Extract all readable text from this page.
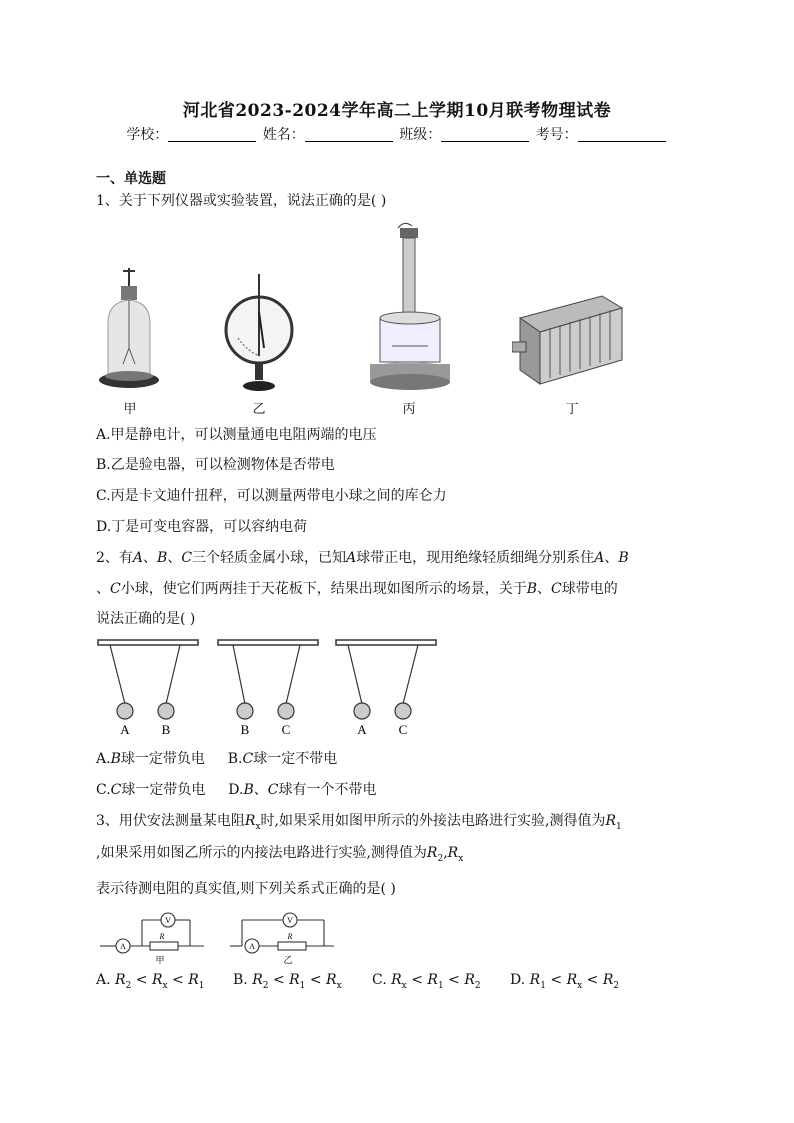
河北省2023-2024学年高二上学期10月联考物理试卷
学校：	姓名：	班级：	考号：
一、单选题
1、关于下列仪器或实验装置，说法正确的是( )
甲	乙	丙	丁
A.甲是静电计，可以测量通电电阻两端的电压
B.乙是验电器，可以检测物体是否带电
C.丙是卡文迪什扭秤，可以测量两带电小球之间的库仑力
D.丁是可变电容器，可以容纳电荷
2、有A、B、C三个轻质金属小球，已知A球带正电，现用绝缘轻质细绳分别系住A、B
、C小球，使它们两两挂于天花板下，结果出现如图所示的场景，关于B、C球带电的
说法正确的是( )
A B	B C	A C
A.B球一定带负电 B.C球一定不带电
C.C球一定带负电 D.B、C球有一个不带电
3、用伏安法测量某电阻$R_x$时,如果采用如图甲所示的外接法电路进行实验,测得值为$R_1$
,如果采用如图乙所示的内接法电路进行实验,测得值为$R_2,R_x$
表示待测电阻的真实值,则下列关系式正确的是( )
A
V
R
甲
A
V
R
乙
A. $R_2 < R_x < R_1$ B. $R_2 < R_1 < R_x$ C. $R_x < R_1 < R_2$ D. $R_1 < R_x < R_2$
